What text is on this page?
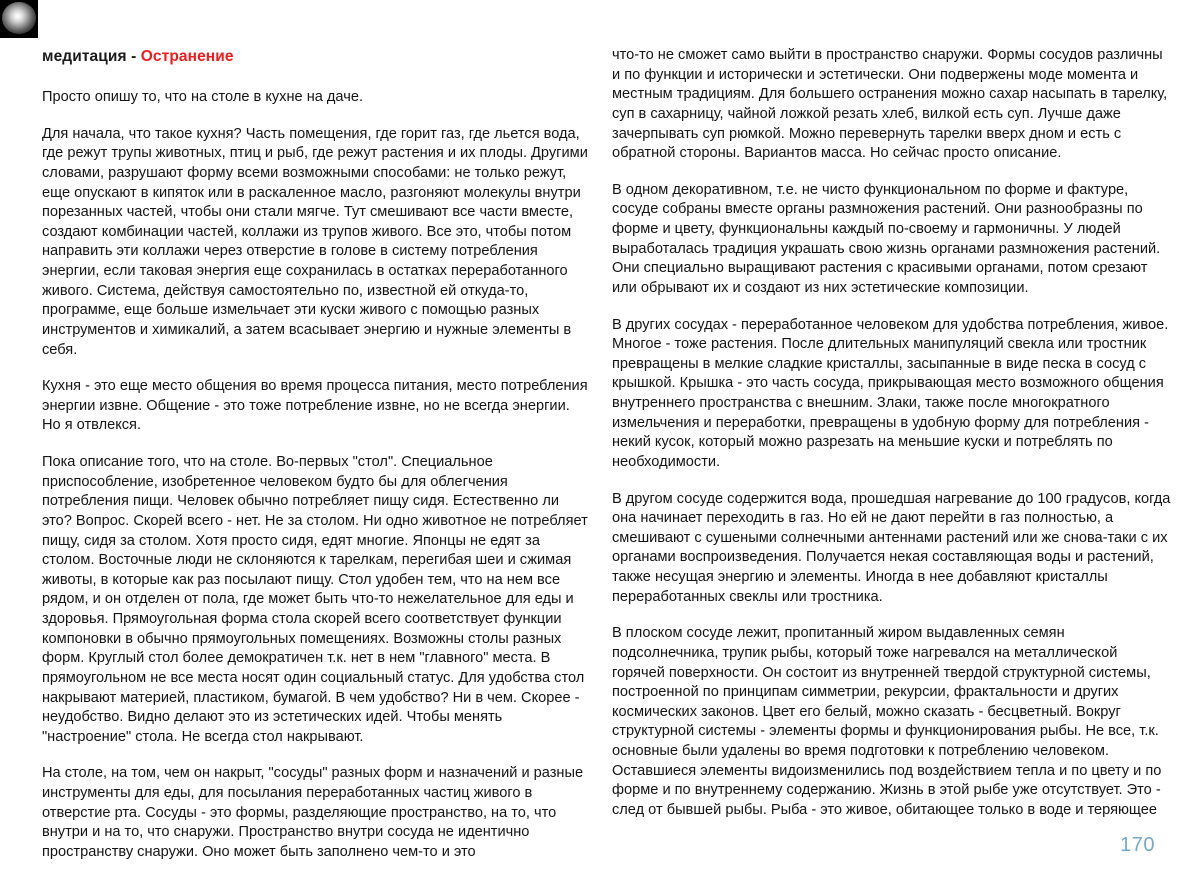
медитация - Остранение

Просто опишу то, что на столе в кухне на даче.

Для начала, что такое кухня? Часть помещения, где горит газ, где льется вода, где режут трупы животных, птиц и рыб, где режут растения и их плоды. Другими словами, разрушают форму всеми возможными способами: не только режут, еще опускают в кипяток или в раскаленное масло, разгоняют молекулы внутри порезанных частей, чтобы они стали мягче. Тут смешивают все части вместе, создают комбинации частей, коллажи из трупов живого. Все это, чтобы потом направить эти коллажи через отверстие в голове в систему потребления энергии, если таковая энергия еще сохранилась в остатках переработанного живого. Система, действуя самостоятельно по, известной ей откуда-то, программе, еще больше измельчает эти куски живого с помощью разных инструментов и химикалий, а затем всасывает энергию и нужные элементы в себя.

Кухня - это еще место общения во время процесса питания, место потребления энергии извне. Общение - это тоже потребление извне, но не всегда энергии. Но я отвлекся.

Пока описание того, что на столе. Во-первых "стол". Специальное приспособление, изобретенное человеком будто бы для облегчения потребления пищи. Человек обычно потребляет пищу сидя. Естественно ли это? Вопрос. Скорей всего - нет. Не за столом. Ни одно животное не потребляет пищу, сидя за столом. Хотя просто сидя, едят многие. Японцы не едят за столом. Восточные люди не склоняются к тарелкам, перегибая шеи и сжимая животы, в которые как раз посылают пищу. Стол удобен тем, что на нем все рядом, и он отделен от пола, где может быть что-то нежелательное для еды и здоровья. Прямоугольная форма стола скорей всего соответствует функции компоновки в обычно прямоугольных помещениях. Возможны столы разных форм. Круглый стол более демократичен т.к. нет в нем "главного" места. В прямоугольном не все места носят один социальный статус. Для удобства стол накрывают материей, пластиком, бумагой. В чем удобство? Ни в чем. Скорее - неудобство. Видно делают это из эстетических идей. Чтобы менять "настроение" стола. Не всегда стол накрывают.

На столе, на том, чем он накрыт, "сосуды" разных форм и назначений и разные инструменты для еды, для посылания переработанных частиц живого в отверстие рта. Сосуды - это формы, разделяющие пространство, на то, что внутри и на то, что снаружи. Пространство внутри сосуда не идентично пространству снаружи. Оно может быть заполнено чем-то и это

что-то не сможет само выйти в пространство снаружи. Формы сосудов различны и по функции и исторически и эстетически. Они подвержены моде момента и местным традициям. Для большего остранения можно сахар насыпать в тарелку, суп в сахарницу, чайной ложкой резать хлеб, вилкой есть суп. Лучше даже зачерпывать суп рюмкой. Можно перевернуть тарелки вверх дном и есть с обратной стороны. Вариантов масса. Но сейчас просто описание.

В одном декоративном, т.е. не чисто функциональном по форме и фактуре, сосуде собраны вместе органы размножения растений. Они разнообразны по форме и цвету, функциональны каждый по-своему и гармоничны. У людей выработалась традиция украшать свою жизнь органами размножения растений. Они специально выращивают растения с красивыми органами, потом срезают или обрывают их и создают из них эстетические композиции.

В других сосудах - переработанное человеком для удобства потребления, живое. Многое - тоже растения. После длительных манипуляций свекла или тростник превращены в мелкие сладкие кристаллы, засыпанные в виде песка в сосуд с крышкой. Крышка - это часть сосуда, прикрывающая место возможного общения внутреннего пространства с внешним. Злаки, также после многократного измельчения и переработки, превращены в удобную форму для потребления - некий кусок, который можно разрезать на меньшие куски и потреблять по необходимости.

В другом сосуде содержится вода, прошедшая нагревание до 100 градусов, когда она начинает переходить в газ. Но ей не дают перейти в газ полностью, а смешивают с сушеными солнечными антеннами растений или же снова-таки с их органами воспроизведения. Получается некая составляющая воды и растений, также несущая энергию и элементы. Иногда в нее добавляют кристаллы переработанных свеклы или тростника.

В плоском сосуде лежит, пропитанный жиром выдавленных семян подсолнечника, трупик рыбы, который тоже нагревался на металлической горячей поверхности. Он состоит из внутренней твердой структурной системы, построенной по принципам симметрии, рекурсии, фрактальности и других космических законов. Цвет его белый, можно сказать - бесцветный. Вокруг структурной системы - элементы формы и функционирования рыбы. Не все, т.к. основные были удалены во время подготовки к потреблению человеком. Оставшиеся элементы видоизменились под воздействием тепла и по цвету и по форме и по внутреннему содержанию. Жизнь в этой рыбе уже отсутствует. Это - след от бывшей рыбы. Рыба - это живое, обитающее только в воде и теряющее

170
